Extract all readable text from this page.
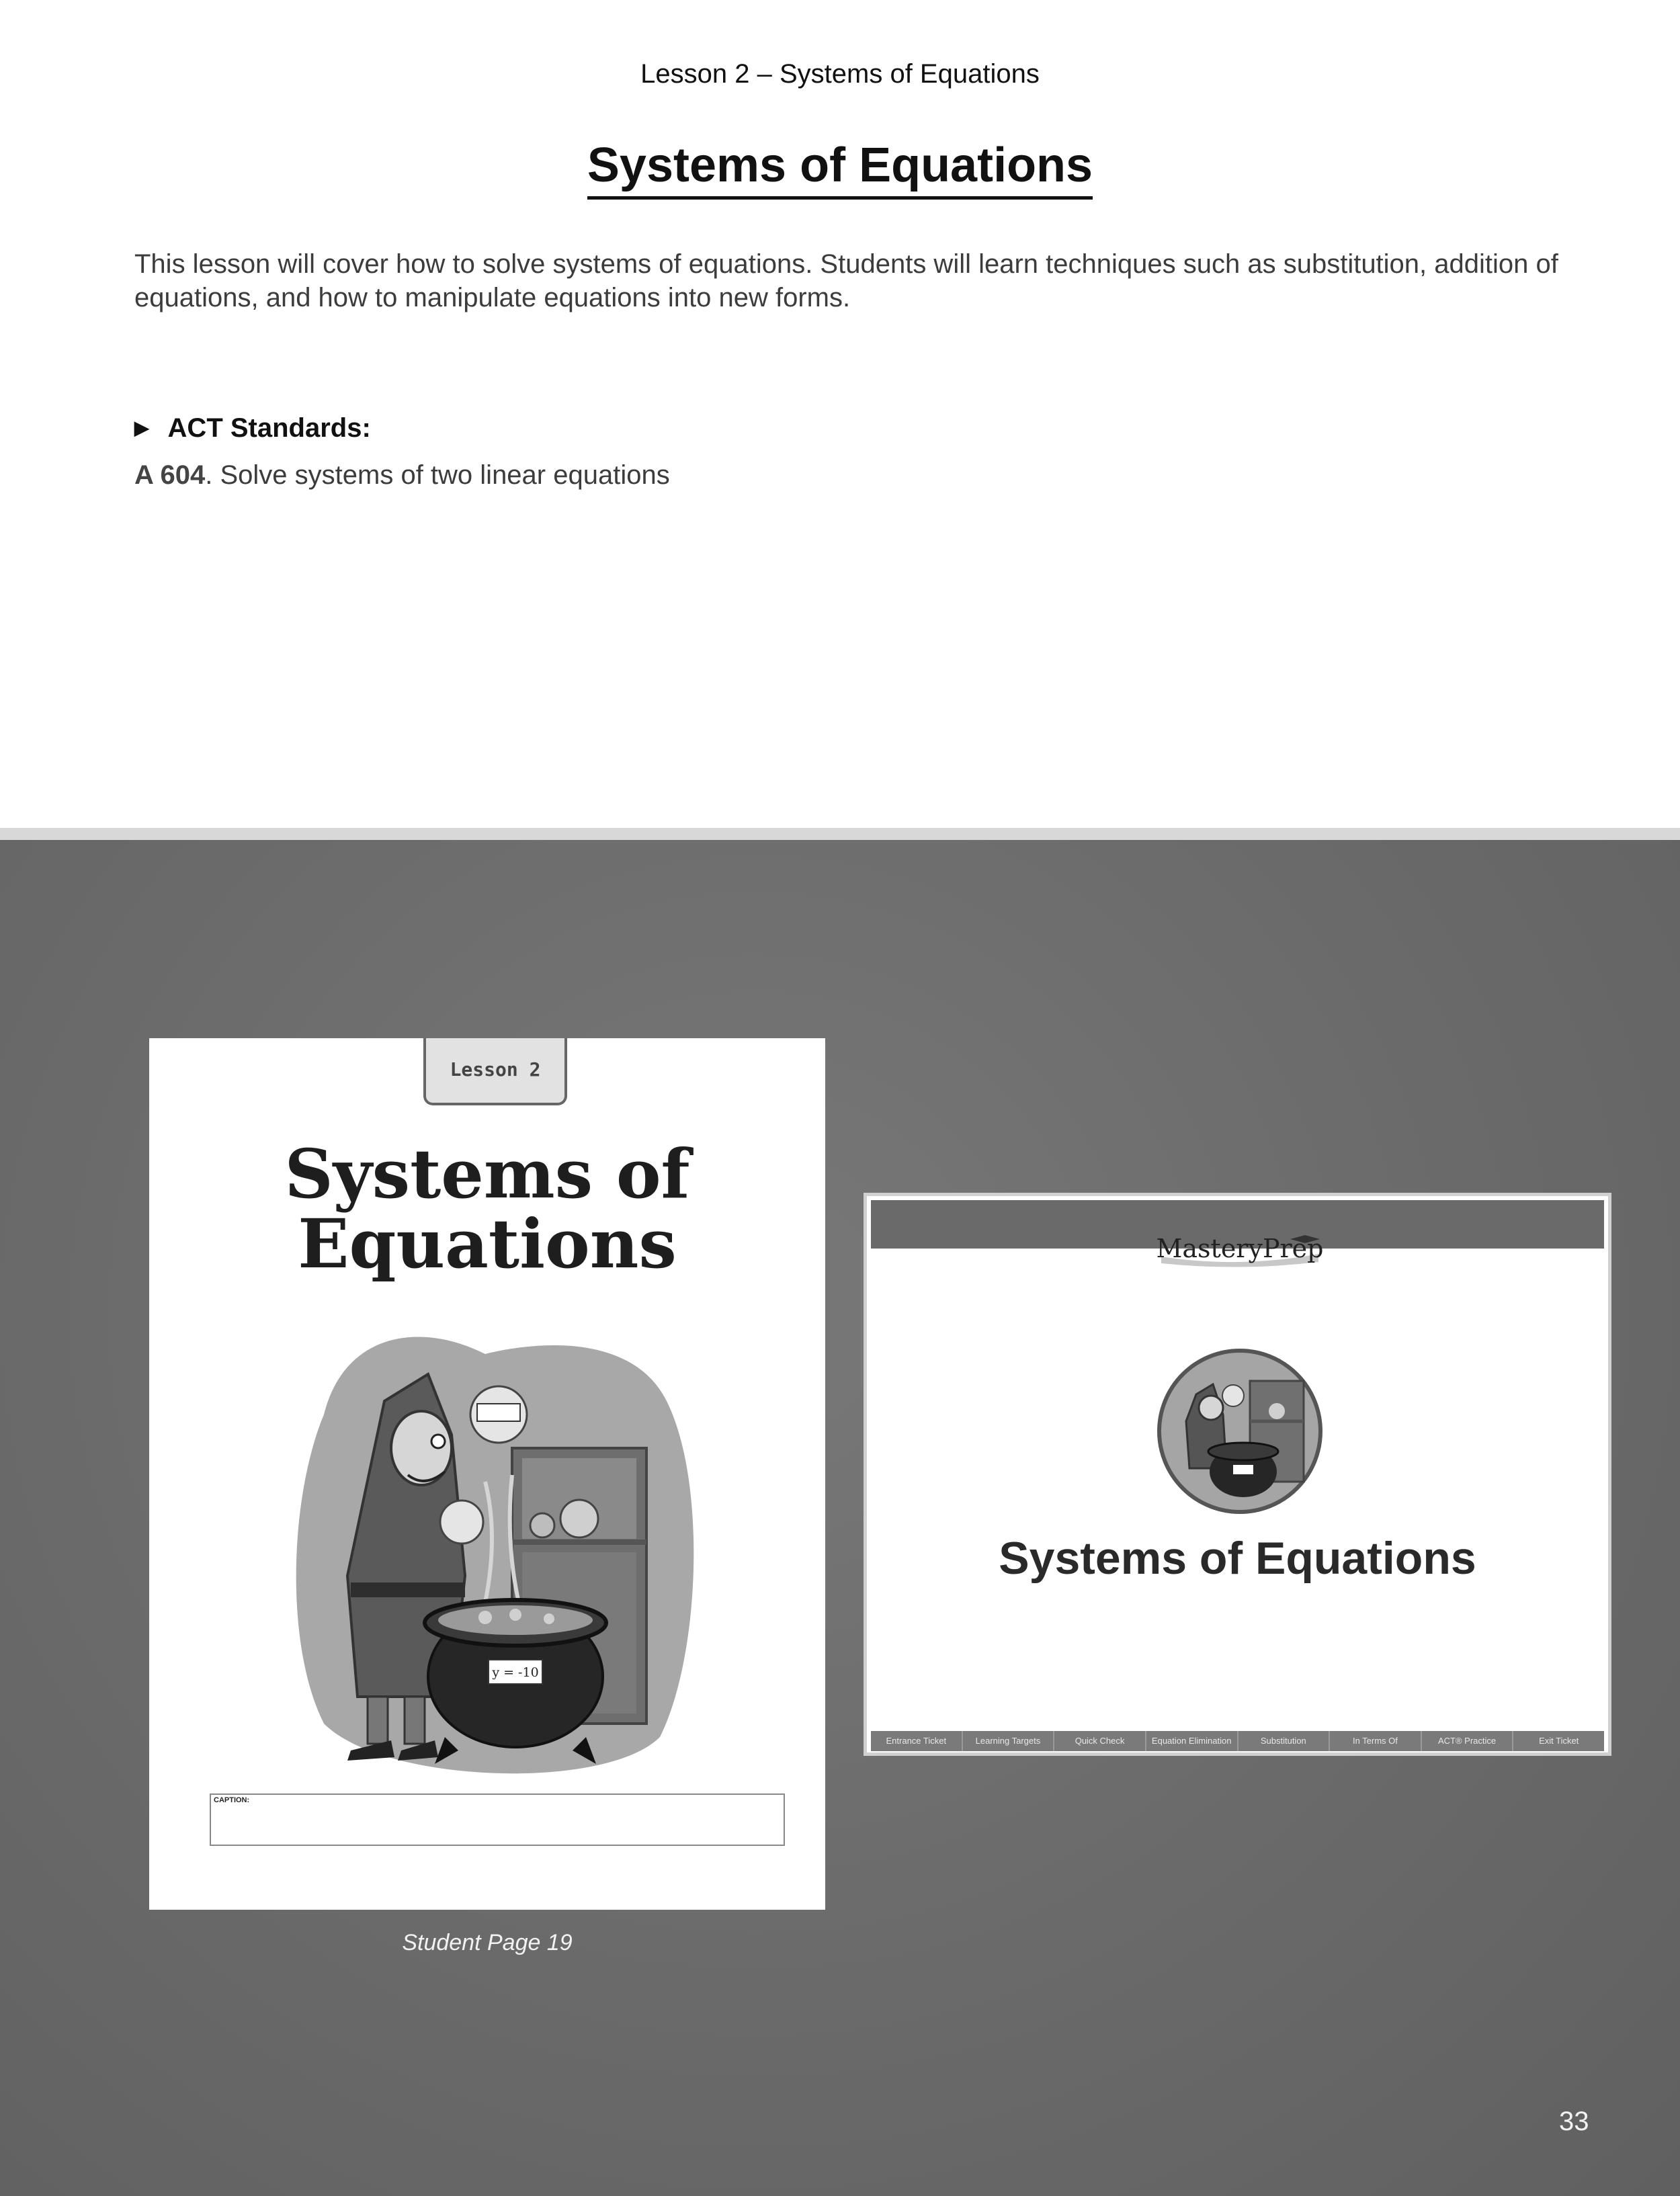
Lesson 2 – Systems of Equations
Systems of Equations
This lesson will cover how to solve systems of equations. Students will learn techniques such as substitution, addition of equations, and how to manipulate equations into new forms.
▶ ACT Standards:
A 604. Solve systems of two linear equations
Lesson 2
Systems of
Equations
y = -10
CAPTION:
Student Page 19
MasteryPrep
Systems of Equations
Entrance Ticket	Learning Targets	Quick Check	Equation Elimination	Substitution	In Terms Of	ACT® Practice	Exit Ticket
33
